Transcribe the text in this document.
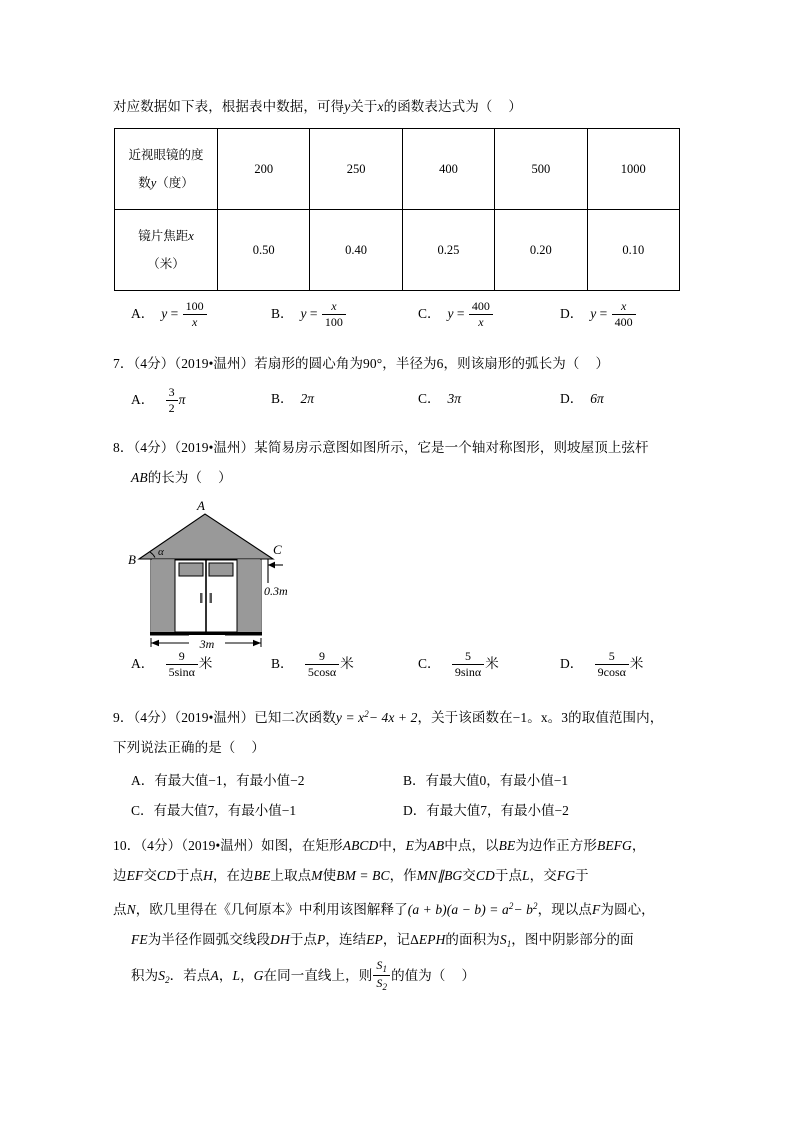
对应数据如下表，根据表中数据，可得y关于x的函数表达式为（ ）
近视眼镜的度
数y（度）	200	250	400	500	1000

镜片焦距x
（米）	0.50	0.40	0.25	0.20	0.10
A． $y = \frac{100}{x}$	B． $y = \frac{x}{100}$	C． $y = \frac{400}{x}$	D． $y = \frac{x}{400}$
7．（4分）（2019•温州）若扇形的圆心角为90°，半径为6，则该扇形的弧长为（ ）
A． $\frac{3}{2}$ π	B． 2π	C． 3π	D． 6π
8．（4分）（2019•温州）某简易房示意图如图所示，它是一个轴对称图形，则坡屋顶上弦杆
AB的长为（ ）
A
B
C
α
0.3m
3m
A． $\frac{9}{5\sin\alpha}$ 米	B． $\frac{9}{5\cos\alpha}$ 米	C． $\frac{5}{9\sin\alpha}$ 米	D． $\frac{5}{9\cos\alpha}$ 米
9．（4分）（2019•温州）已知二次函数$y = x^2- 4x + 2$，关于该函数在−1。x。3的取值范围内，
下列说法正确的是（ ）
A．有最大值−1，有最小值−2	B．有最大值0，有最小值−1
C．有最大值7，有最小值−1	D．有最大值7，有最小值−2
10．（4分）（2019•温州）如图，在矩形ABCD中，E为AB中点，以BE为边作正方形BEFG，
边EF交CD于点H，在边BE上取点M使BM = BC，作MN∥BG交CD于点L，交FG于
点N，欧几里得在《几何原本》中利用该图解释了$(a + b)(a - b) = a^2- b^2$，现以点F为圆心，
FE为半径作圆弧交线段DH于点P，连结EP，记ΔEPH的面积为$S_1$，图中阴影部分的面
积为$S_2$．若点A，L，G在同一直线上，则 $\frac{S_1}{S_2}$ 的值为（ ）
